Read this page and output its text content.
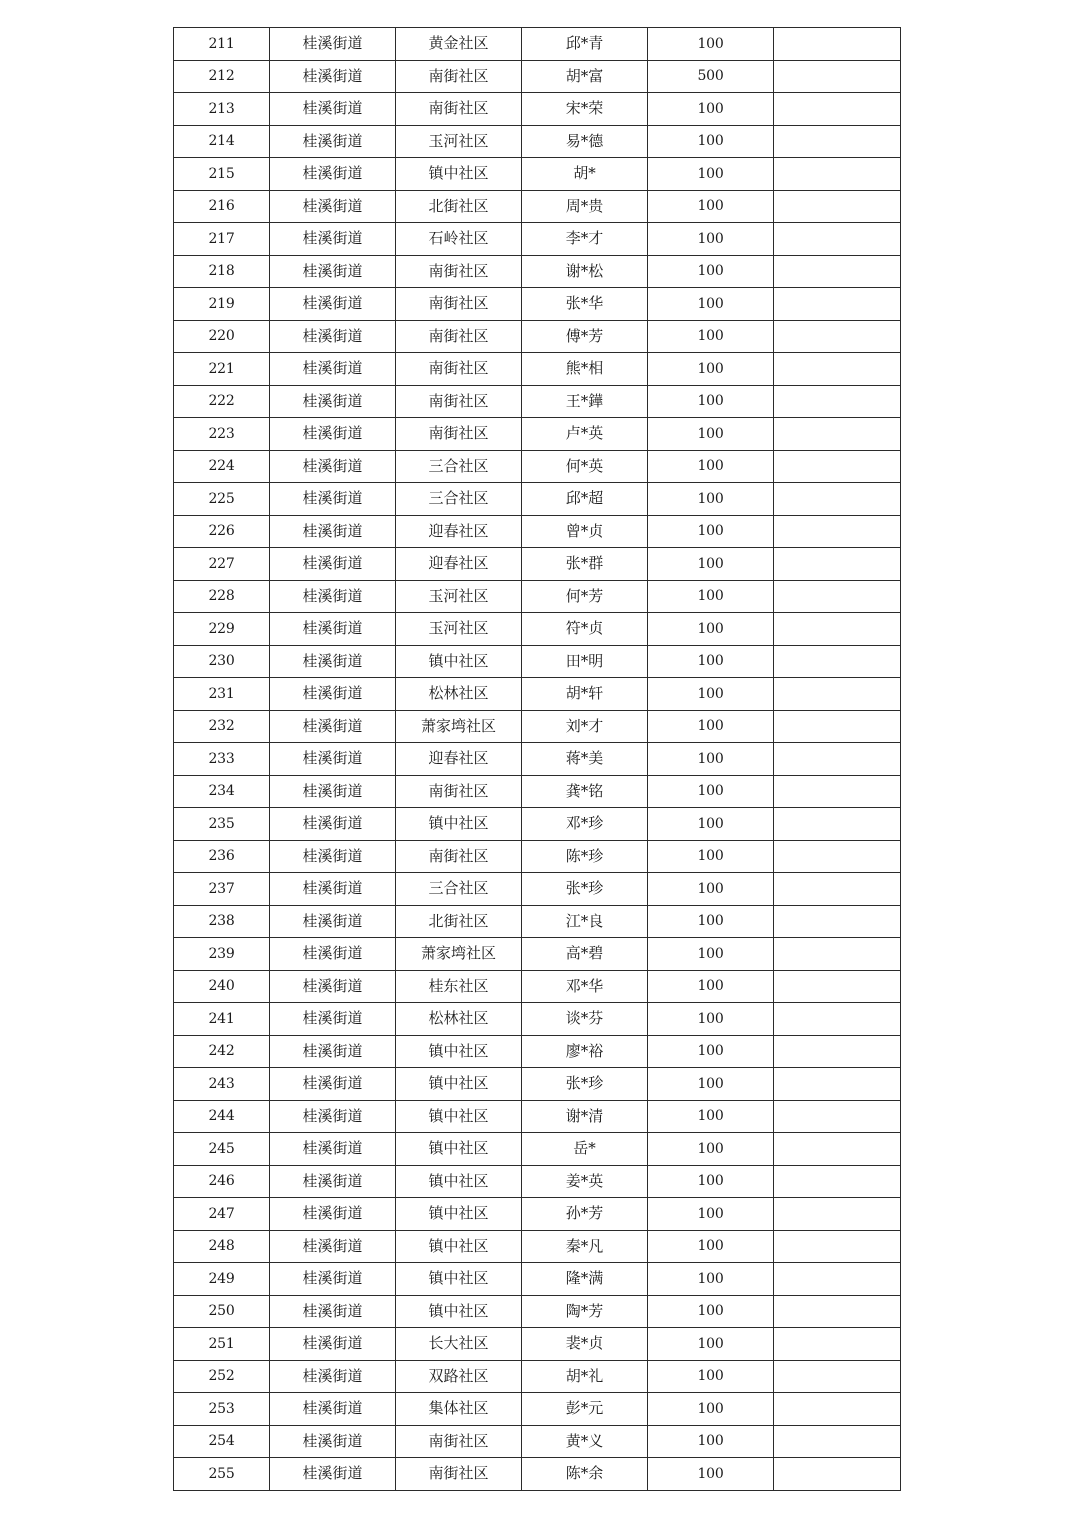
211	桂溪街道	黄金社区	邱*青	100	
212	桂溪街道	南街社区	胡*富	500	
213	桂溪街道	南街社区	宋*荣	100	
214	桂溪街道	玉河社区	易*德	100	
215	桂溪街道	镇中社区	胡*	100	
216	桂溪街道	北街社区	周*贵	100	
217	桂溪街道	石岭社区	李*才	100	
218	桂溪街道	南街社区	谢*松	100	
219	桂溪街道	南街社区	张*华	100	
220	桂溪街道	南街社区	傅*芳	100	
221	桂溪街道	南街社区	熊*相	100	
222	桂溪街道	南街社区	王*鏵	100	
223	桂溪街道	南街社区	卢*英	100	
224	桂溪街道	三合社区	何*英	100	
225	桂溪街道	三合社区	邱*超	100	
226	桂溪街道	迎春社区	曾*贞	100	
227	桂溪街道	迎春社区	张*群	100	
228	桂溪街道	玉河社区	何*芳	100	
229	桂溪街道	玉河社区	符*贞	100	
230	桂溪街道	镇中社区	田*明	100	
231	桂溪街道	松林社区	胡*轩	100	
232	桂溪街道	萧家塆社区	刘*才	100	
233	桂溪街道	迎春社区	蒋*美	100	
234	桂溪街道	南街社区	龚*铭	100	
235	桂溪街道	镇中社区	邓*珍	100	
236	桂溪街道	南街社区	陈*珍	100	
237	桂溪街道	三合社区	张*珍	100	
238	桂溪街道	北街社区	江*良	100	
239	桂溪街道	萧家塆社区	高*碧	100	
240	桂溪街道	桂东社区	邓*华	100	
241	桂溪街道	松林社区	谈*芬	100	
242	桂溪街道	镇中社区	廖*裕	100	
243	桂溪街道	镇中社区	张*珍	100	
244	桂溪街道	镇中社区	谢*清	100	
245	桂溪街道	镇中社区	岳*	100	
246	桂溪街道	镇中社区	姜*英	100	
247	桂溪街道	镇中社区	孙*芳	100	
248	桂溪街道	镇中社区	秦*凡	100	
249	桂溪街道	镇中社区	隆*满	100	
250	桂溪街道	镇中社区	陶*芳	100	
251	桂溪街道	长大社区	裴*贞	100	
252	桂溪街道	双路社区	胡*礼	100	
253	桂溪街道	集体社区	彭*元	100	
254	桂溪街道	南街社区	黄*义	100	
255	桂溪街道	南街社区	陈*余	100	
